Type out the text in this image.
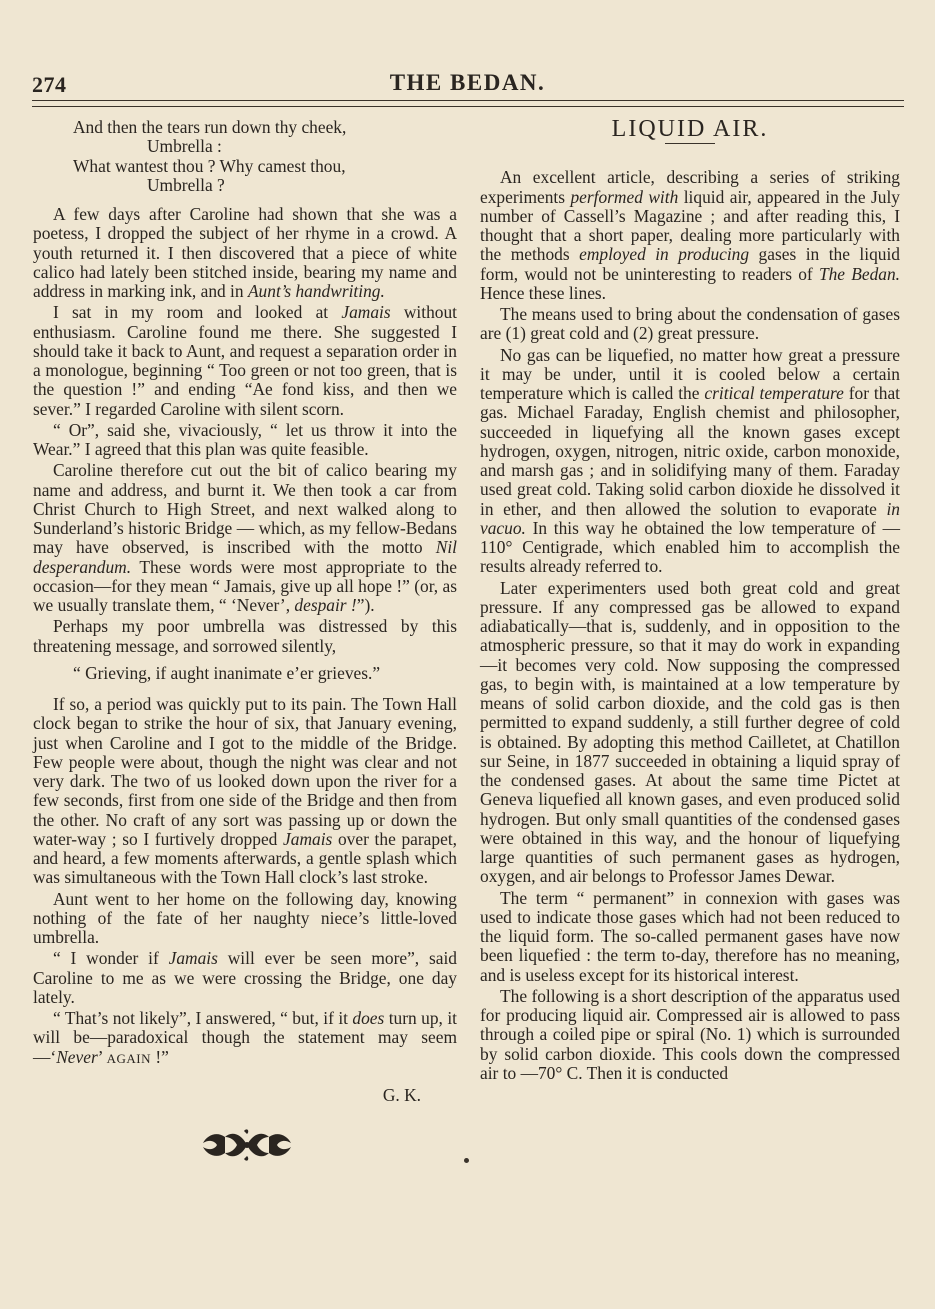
274	THE BEDAN.
And then the tears run down thy cheek,
Umbrella :
What wantest thou ? Why camest thou,
Umbrella ?

A few days after Caroline had shown that she was a poetess, I dropped the subject of her rhyme in a crowd. A youth returned it. I then discovered that a piece of white calico had lately been stitched inside, bearing my name and address in marking ink, and in Aunt’s handwriting.

I sat in my room and looked at Jamais without enthusiasm. Caroline found me there. She suggested I should take it back to Aunt, and request a separation order in a monologue, beginning “ Too green or not too green, that is the question !” and ending “Ae fond kiss, and then we sever.” I regarded Caroline with silent scorn.

“ Or”, said she, vivaciously, “ let us throw it into the Wear.” I agreed that this plan was quite feasible.

Caroline therefore cut out the bit of calico bearing my name and address, and burnt it. We then took a car from Christ Church to High Street, and next walked along to Sunderland’s historic Bridge — which, as my fellow-Bedans may have observed, is inscribed with the motto Nil desperandum. These words were most appropriate to the occasion—for they mean “ Jamais, give up all hope !” (or, as we usually translate them, “ ‘Never’, despair !”).

Perhaps my poor umbrella was distressed by this threatening message, and sorrowed silently,

“ Grieving, if aught inanimate e’er grieves.”

If so, a period was quickly put to its pain. The Town Hall clock began to strike the hour of six, that January evening, just when Caroline and I got to the middle of the Bridge. Few people were about, though the night was clear and not very dark. The two of us looked down upon the river for a few seconds, first from one side of the Bridge and then from the other. No craft of any sort was passing up or down the water-way ; so I furtively dropped Jamais over the parapet, and heard, a few moments afterwards, a gentle splash which was simultaneous with the Town Hall clock’s last stroke.

Aunt went to her home on the following day, knowing nothing of the fate of her naughty niece’s little-loved umbrella.

“ I wonder if Jamais will ever be seen more”, said Caroline to me as we were crossing the Bridge, one day lately.

“ That’s not likely”, I answered, “ but, if it does turn up, it will be—paradoxical though the statement may seem—‘Never’ AGAIN !”

G. K.
LIQUID AIR.

An excellent article, describing a series of striking experiments performed with liquid air, appeared in the July number of Cassell’s Magazine ; and after reading this, I thought that a short paper, dealing more particularly with the methods employed in producing gases in the liquid form, would not be uninteresting to readers of The Bedan. Hence these lines.

The means used to bring about the condensation of gases are (1) great cold and (2) great pressure.

No gas can be liquefied, no matter how great a pressure it may be under, until it is cooled below a certain temperature which is called the critical temperature for that gas. Michael Faraday, English chemist and philosopher, succeeded in liquefying all the known gases except hydrogen, oxygen, nitrogen, nitric oxide, carbon monoxide, and marsh gas ; and in solidifying many of them. Faraday used great cold. Taking solid carbon dioxide he dissolved it in ether, and then allowed the solution to evaporate in vacuo. In this way he obtained the low temperature of —110° Centigrade, which enabled him to accomplish the results already referred to.

Later experimenters used both great cold and great pressure. If any compressed gas be allowed to expand adiabatically—that is, suddenly, and in opposition to the atmospheric pressure, so that it may do work in expanding—it becomes very cold. Now supposing the compressed gas, to begin with, is maintained at a low temperature by means of solid carbon dioxide, and the cold gas is then permitted to expand suddenly, a still further degree of cold is obtained. By adopting this method Cailletet, at Chatillon sur Seine, in 1877 succeeded in obtaining a liquid spray of the condensed gases. At about the same time Pictet at Geneva liquefied all known gases, and even produced solid hydrogen. But only small quantities of the condensed gases were obtained in this way, and the honour of liquefying large quantities of such permanent gases as hydrogen, oxygen, and air belongs to Professor James Dewar.

The term “ permanent” in connexion with gases was used to indicate those gases which had not been reduced to the liquid form. The so-called permanent gases have now been liquefied : the term to-day, therefore has no meaning, and is useless except for its historical interest.

The following is a short description of the apparatus used for producing liquid air. Compressed air is allowed to pass through a coiled pipe or spiral (No. 1) which is surrounded by solid carbon dioxide. This cools down the compressed air to —70° C. Then it is conducted
